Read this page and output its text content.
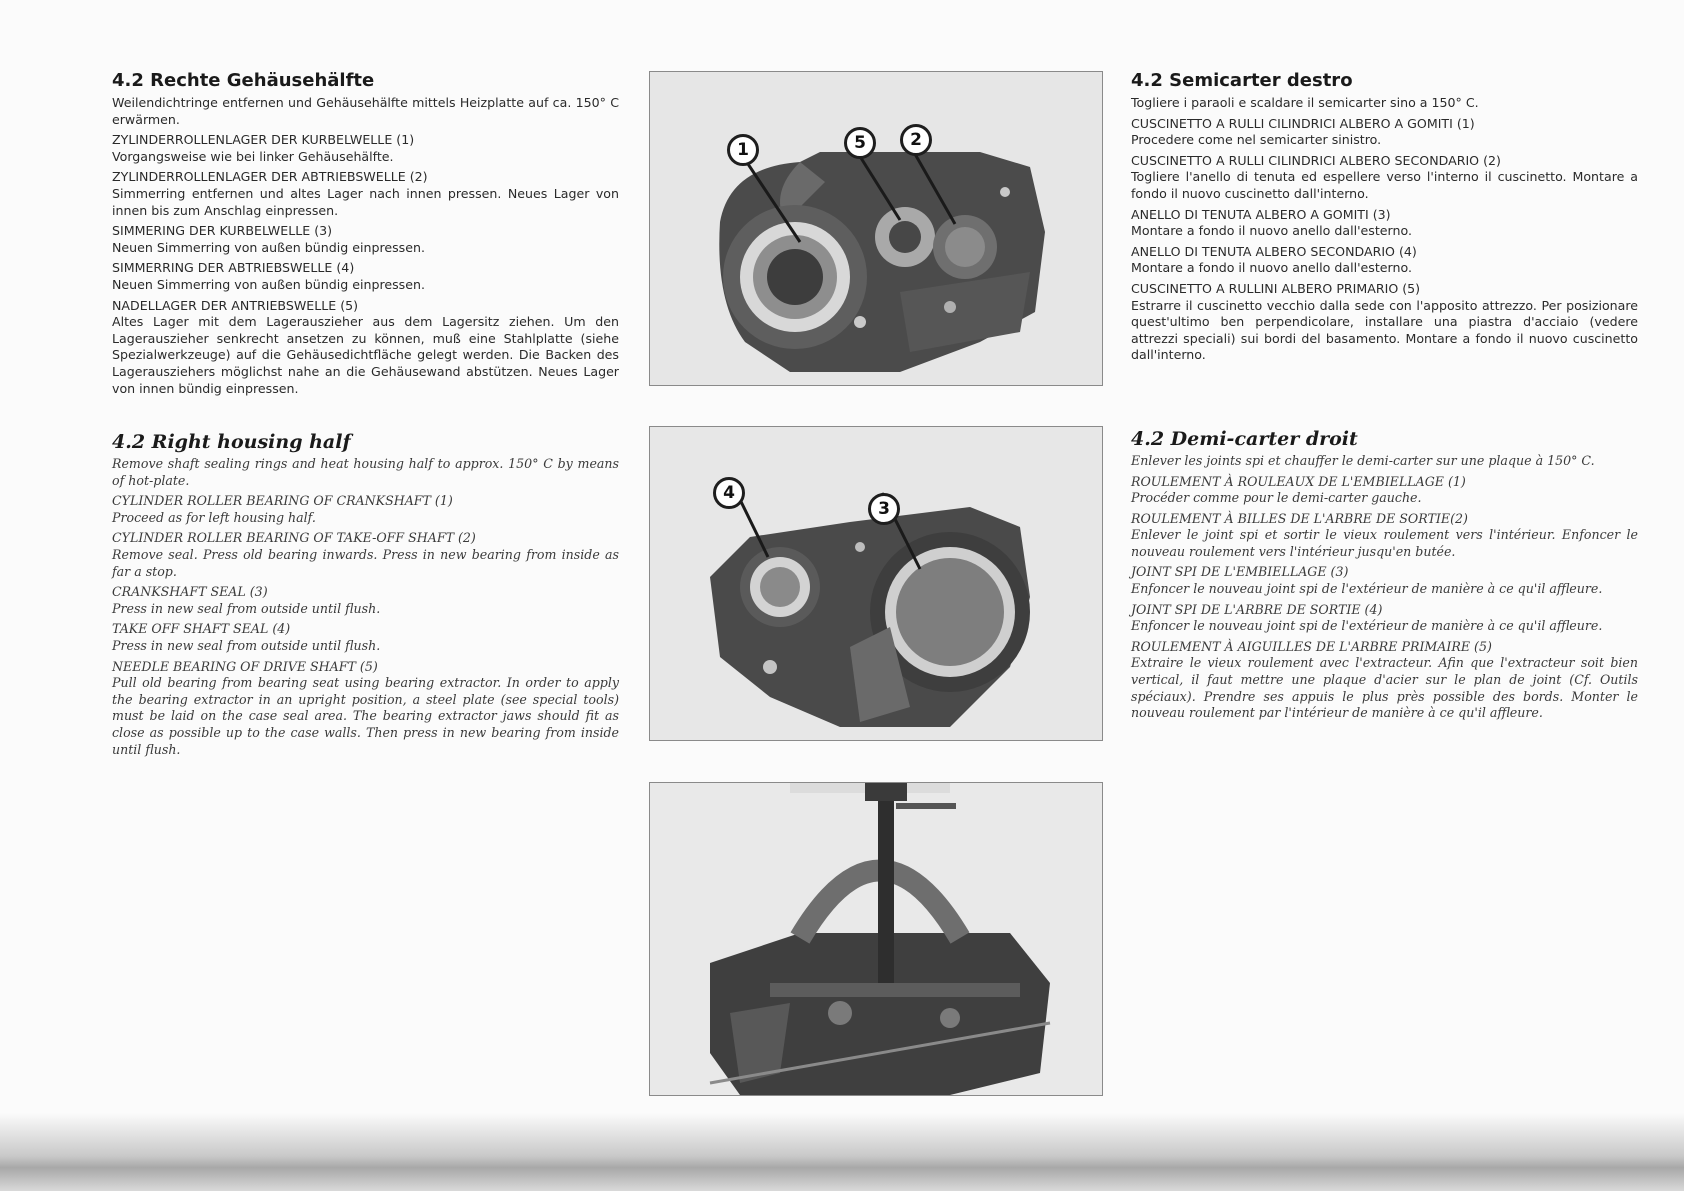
4.2 Rechte Gehäusehälfte

Weilendichtringe entfernen und Gehäusehälfte mittels Heizplatte auf ca. 150° C erwärmen.

ZYLINDERROLLENLAGER DER KURBELWELLE (1)

Vorgangsweise wie bei linker Gehäusehälfte.

ZYLINDERROLLENLAGER DER ABTRIEBSWELLE (2)

Simmerring entfernen und altes Lager nach innen pressen. Neues Lager von innen bis zum Anschlag einpressen.

SIMMERING DER KURBELWELLE (3)

Neuen Simmerring von außen bündig einpressen.

SIMMERRING DER ABTRIEBSWELLE (4)

Neuen Simmerring von außen bündig einpressen.

NADELLAGER DER ANTRIEBSWELLE (5)

Altes Lager mit dem Lagerauszieher aus dem Lagersitz ziehen. Um den Lagerauszieher senkrecht ansetzen zu können, muß eine Stahlplatte (siehe Spezialwerkzeuge) auf die Gehäusedichtfläche gelegt werden. Die Backen des Lagerausziehers möglichst nahe an die Gehäusewand abstützen. Neues Lager von innen bündig einpressen.

4.2 Right housing half

Remove shaft sealing rings and heat housing half to approx. 150° C by means of hot-plate.

CYLINDER ROLLER BEARING OF CRANKSHAFT (1)

Proceed as for left housing half.

CYLINDER ROLLER BEARING OF TAKE-OFF SHAFT (2)

Remove seal. Press old bearing inwards. Press in new bearing from inside as far a stop.

CRANKSHAFT SEAL (3)

Press in new seal from outside until flush.

TAKE OFF SHAFT SEAL (4)

Press in new seal from outside until flush.

NEEDLE BEARING OF DRIVE SHAFT (5)

Pull old bearing from bearing seat using bearing extractor. In order to apply the bearing extractor in an upright position, a steel plate (see special tools) must be laid on the case seal area. The bearing extractor jaws should fit as close as possible up to the case walls. Then press in new bearing from inside until flush.

1	5	2
4
3
4.2 Semicarter destro

Togliere i paraoli e scaldare il semicarter sino a 150° C.

CUSCINETTO A RULLI CILINDRICI ALBERO A GOMITI (1)

Procedere come nel semicarter sinistro.

CUSCINETTO A RULLI CILINDRICI ALBERO SECONDARIO (2)

Togliere l'anello di tenuta ed espellere verso l'interno il cuscinetto. Montare a fondo il nuovo cuscinetto dall'interno.

ANELLO DI TENUTA ALBERO A GOMITI (3)

Montare a fondo il nuovo anello dall'esterno.

ANELLO DI TENUTA ALBERO SECONDARIO (4)

Montare a fondo il nuovo anello dall'esterno.

CUSCINETTO A RULLINI ALBERO PRIMARIO (5)

Estrarre il cuscinetto vecchio dalla sede con l'apposito attrezzo. Per posizionare quest'ultimo ben perpendicolare, installare una piastra d'acciaio (vedere attrezzi speciali) sui bordi del basamento. Montare a fondo il nuovo cuscinetto dall'interno.

4.2 Demi-carter droit

Enlever les joints spi et chauffer le demi-carter sur une plaque à 150° C.

ROULEMENT À ROULEAUX DE L'EMBIELLAGE (1)

Procéder comme pour le demi-carter gauche.

ROULEMENT À BILLES DE L'ARBRE DE SORTIE(2)

Enlever le joint spi et sortir le vieux roulement vers l'intérieur. Enfoncer le nouveau roulement vers l'intérieur jusqu'en butée.

JOINT SPI DE L'EMBIELLAGE (3)

Enfoncer le nouveau joint spi de l'extérieur de manière à ce qu'il affleure.

JOINT SPI DE L'ARBRE DE SORTIE (4)

Enfoncer le nouveau joint spi de l'extérieur de manière à ce qu'il affleure.

ROULEMENT À AIGUILLES DE L'ARBRE PRIMAIRE (5)

Extraire le vieux roulement avec l'extracteur. Afin que l'extracteur soit bien vertical, il faut mettre une plaque d'acier sur le plan de joint (Cf. Outils spéciaux). Prendre ses appuis le plus près possible des bords. Monter le nouveau roulement par l'intérieur de manière à ce qu'il affleure.
